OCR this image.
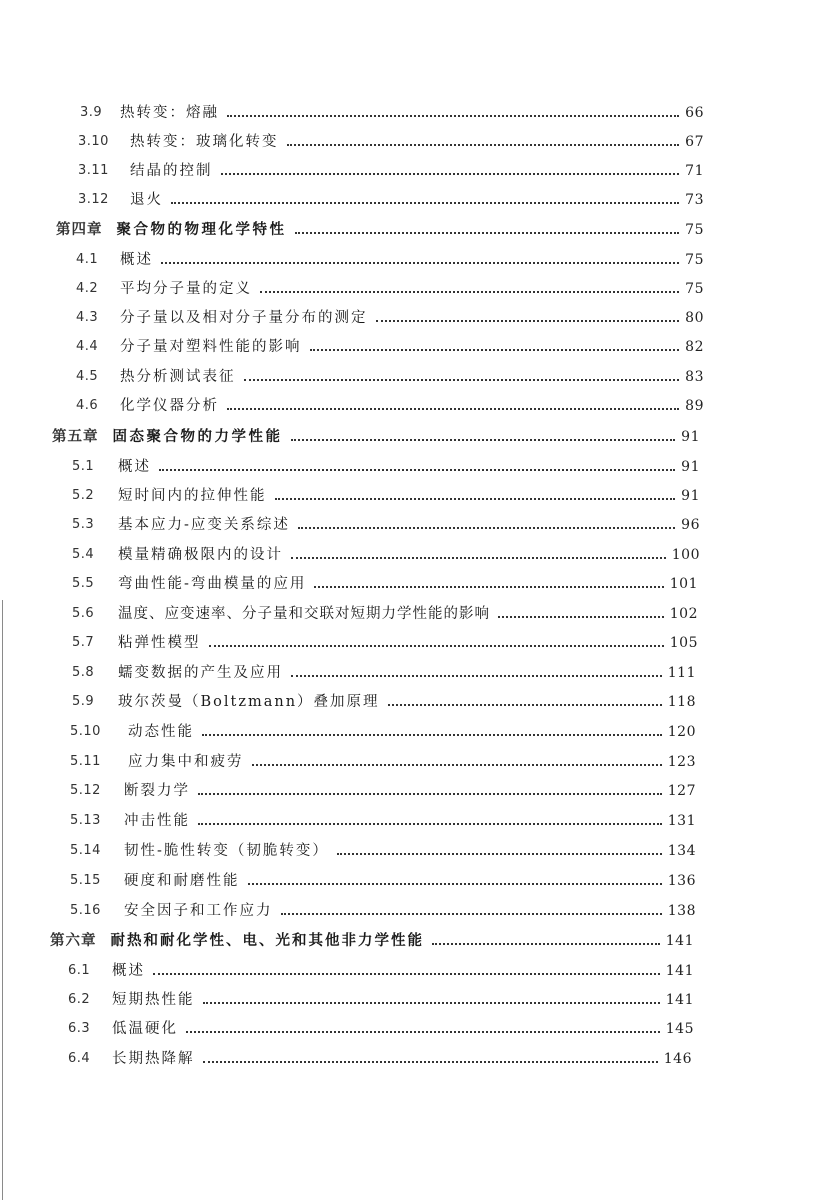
3.9	热转变：熔融	66
3.10	热转变：玻璃化转变	67
3.11	结晶的控制	71
3.12	退火	73
第四章 聚合物的物理化学特性	75
4.1	概述	75
4.2	平均分子量的定义	75
4.3	分子量以及相对分子量分布的测定	80
4.4	分子量对塑料性能的影响	82
4.5	热分析测试表征	83
4.6	化学仪器分析	89
第五章 固态聚合物的力学性能	91
5.1	概述	91
5.2	短时间内的拉伸性能	91
5.3	基本应力-应变关系综述	96
5.4	模量精确极限内的设计	100
5.5	弯曲性能-弯曲模量的应用	101
5.6	温度、应变速率、分子量和交联对短期力学性能的影响	102
5.7	粘弹性模型	105
5.8	蠕变数据的产生及应用	111
5.9	玻尔茨曼（Boltzmann）叠加原理	118
5.10	动态性能	120
5.11	应力集中和疲劳	123
5.12	断裂力学	127
5.13	冲击性能	131
5.14	韧性-脆性转变（韧脆转变）	134
5.15	硬度和耐磨性能	136
5.16	安全因子和工作应力	138
第六章 耐热和耐化学性、电、光和其他非力学性能	141
6.1	概述	141
6.2	短期热性能	141
6.3	低温硬化	145
6.4	长期热降解	146
